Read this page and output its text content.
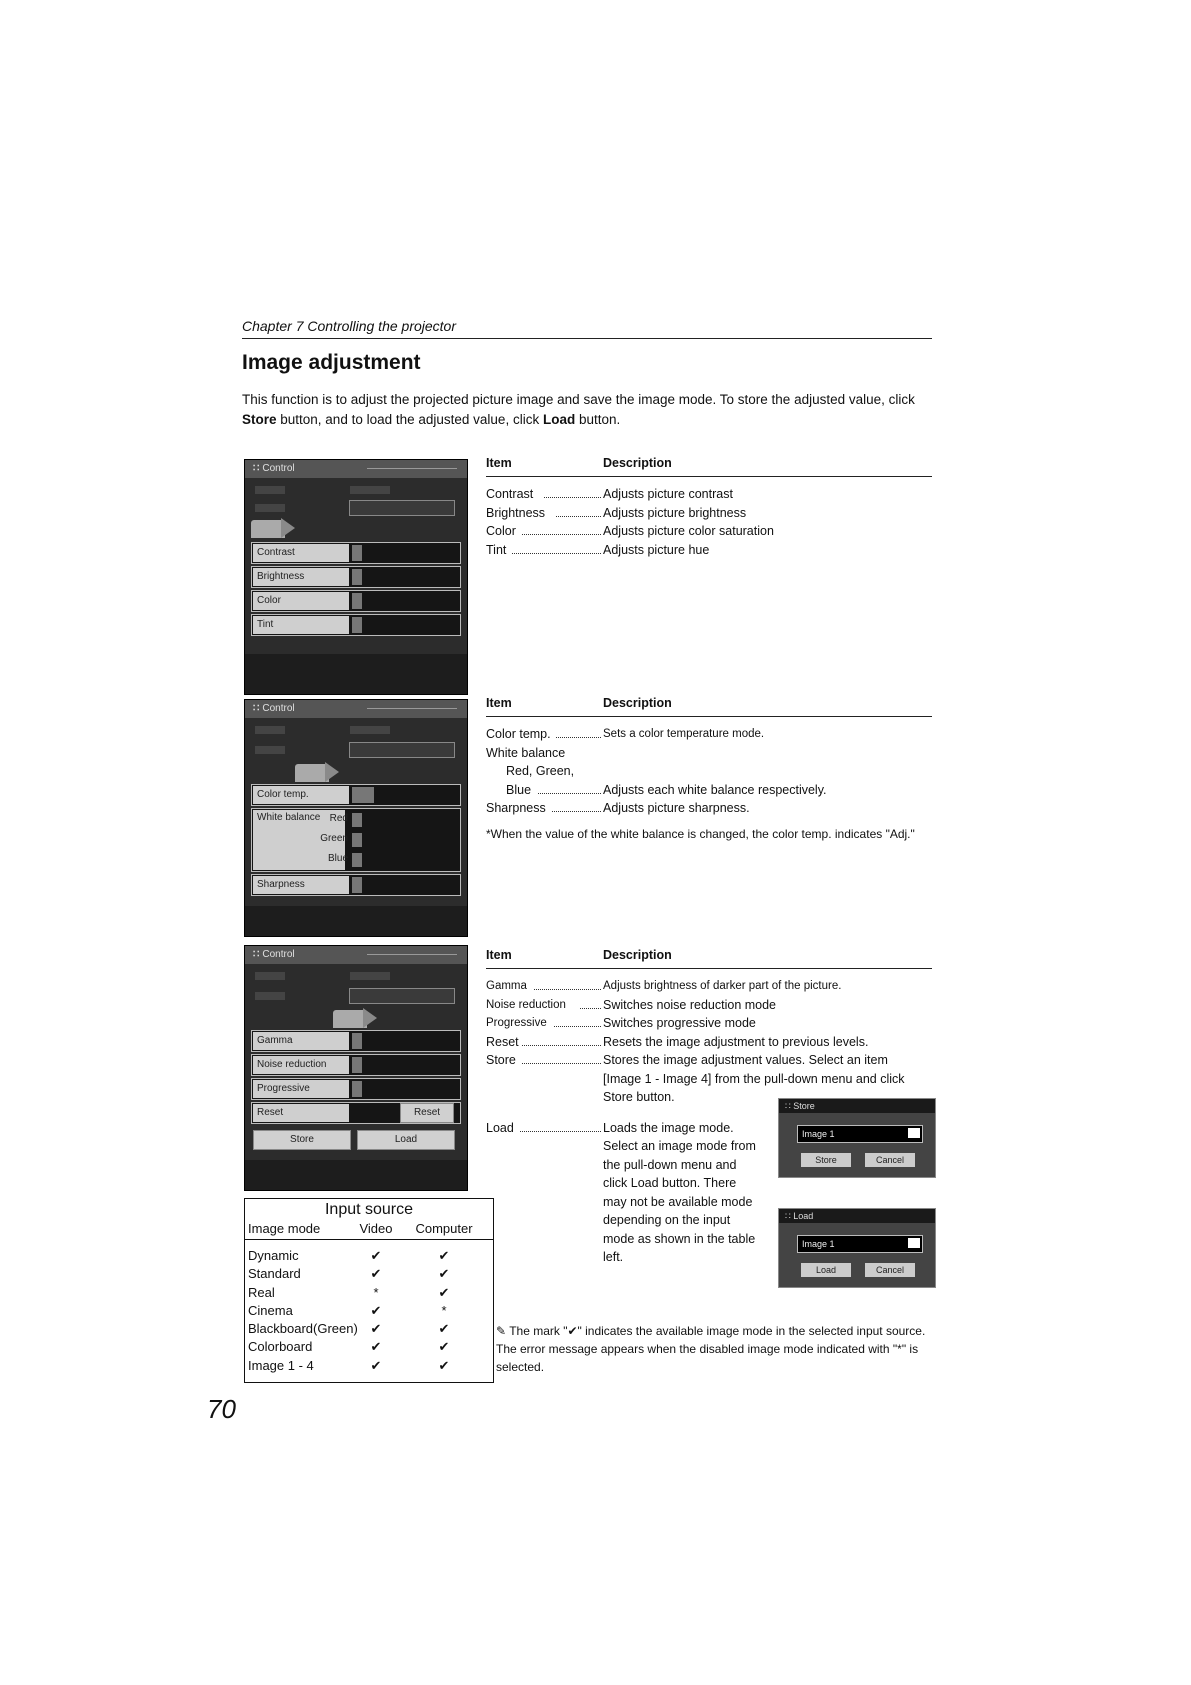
Chapter 7 Controlling the projector
Image adjustment
This function is to adjust the projected picture image and save the image mode. To store the adjusted value, click Store button, and to load the adjusted value, click Load button.
∷ Control
Contrast
Brightness
Color
Tint
∷ Control
Color temp.
White balance Red
Green
Blue
Sharpness
∷ Control
Gamma
Noise reduction
Progressive
Reset	Reset
Store	Load
Item	Description
Contrast	Adjusts picture contrast
Brightness	Adjusts picture brightness
Color	Adjusts picture color saturation
Tint	Adjusts picture hue
Item	Description
Color temp.	Sets a color temperature mode.
White balance
Red, Green,
Blue	Adjusts each white balance respectively.
Sharpness	Adjusts picture sharpness.
*When the value of the white balance is changed, the color temp. indicates "Adj."
Item	Description
Gamma	Adjusts brightness of darker part of the picture.
Noise reduction	Switches noise reduction mode
Progressive	Switches progressive mode
Reset	Resets the image adjustment to previous levels.
Store	Stores the image adjustment values. Select an item
[Image 1 - Image 4] from the pull-down menu and click
Store button.
Load	Loads the image mode.
Select an image mode from
the pull-down menu and
click Load button. There
may not be available mode
depending on the input
mode as shown in the table
left.
∷ Store
Image 1
Store	Cancel
∷ Load
Image 1
Load	Cancel
Input source
Image mode	Video	Computer
Dynamic	✔	✔
Standard	✔	✔
Real	*	✔
Cinema	✔	*
Blackboard(Green) ✔	✔
Colorboard	✔	✔
Image 1 - 4	✔	✔
✎ The mark "✔" indicates the available image mode in the selected input source. The error message appears when the disabled image mode indicated with "*" is selected.
70
